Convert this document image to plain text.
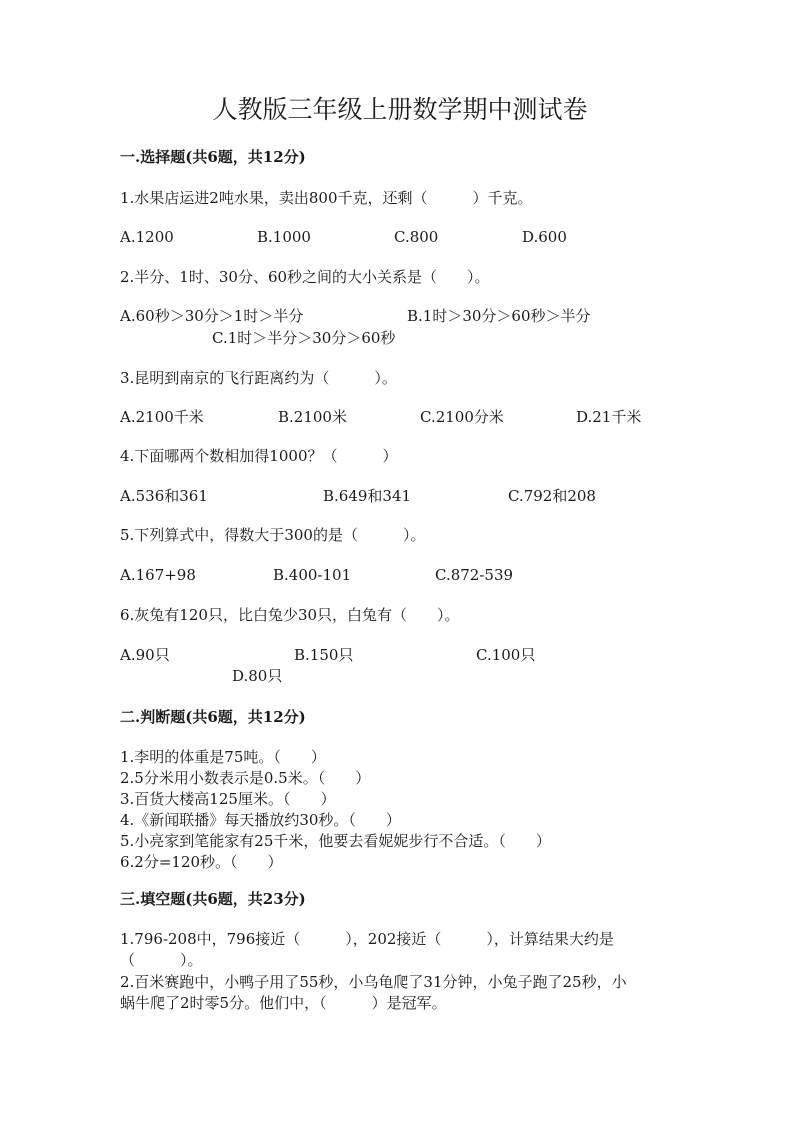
人教版三年级上册数学期中测试卷
一.选择题(共6题，共12分)
1.水果店运进2吨水果，卖出800千克，还剩（　　　）千克。
A.1200	B.1000	C.800	D.600
2.半分、1时、30分、60秒之间的大小关系是（　　）。
A.60秒＞30分＞1时＞半分	B.1时＞30分＞60秒＞半分
C.1时＞半分＞30分＞60秒
3.昆明到南京的飞行距离约为（　　　）。
A.2100千米	B.2100米	C.2100分米	D.21千米
4.下面哪两个数相加得1000？（　　　）
A.536和361	B.649和341	C.792和208
5.下列算式中，得数大于300的是（　　　）。
A.167+98	B.400-101	C.872-539
6.灰兔有120只，比白兔少30只，白兔有（　　）。
A.90只	B.150只	C.100只
D.80只
二.判断题(共6题，共12分)
1.李明的体重是75吨。（　　）
2.5分米用小数表示是0.5米。（　　）
3.百货大楼高125厘米。（　　）
4.《新闻联播》每天播放约30秒。（　　）
5.小亮家到笔能家有25千米，他要去看妮妮步行不合适。（　　）
6.2分=120秒。（　　）
三.填空题(共6题，共23分)
1.796-208中，796接近（　　　），202接近（　　　），计算结果大约是
（　　　）。
2.百米赛跑中，小鸭子用了55秒，小乌龟爬了31分钟，小兔子跑了25秒，小
蜗牛爬了2时零5分。他们中，（　　　）是冠军。
